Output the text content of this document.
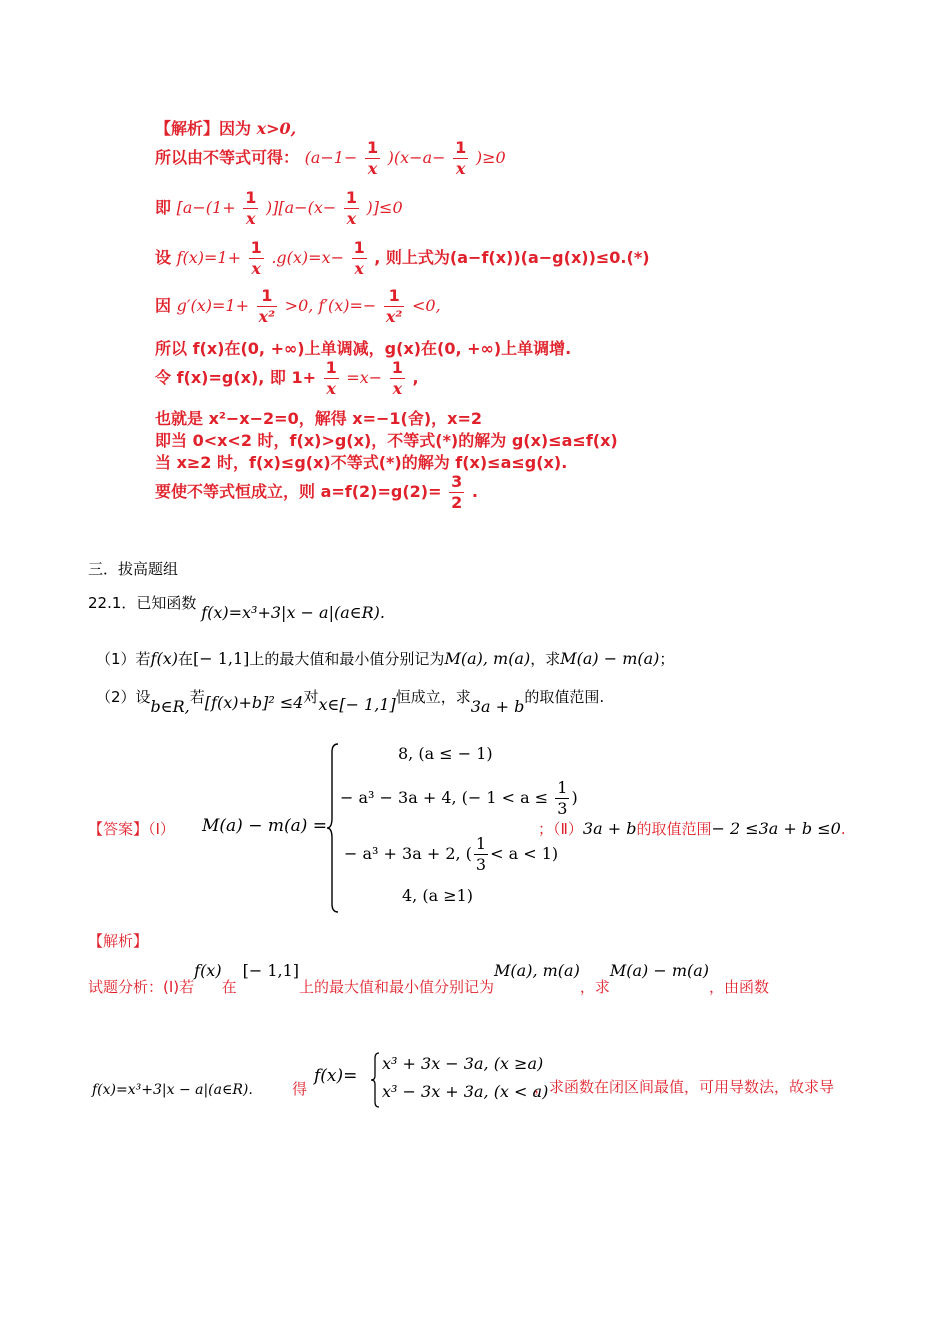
【解析】因为 x>0,
所以由不等式可得： $(a-1- \frac{1}{x} )(x-a- \frac{1}{x} )\ge 0$
即 $[a-(1+ \frac{1}{x} )][a-(x- \frac{1}{x} )]\le 0$
设 $f(x)=1+ \frac{1}{x} .g(x)=x- \frac{1}{x}$ , 则上式为(a−f(x))(a−g(x))≤0.(*)
因 $g'(x)=1+ \frac{1}{\text{x²}} >0$, $f'(x)=- \frac{1}{\text{x²}} <0$,
所以 f(x)在(0, +∞)上单调减，g(x)在(0, +∞)上单调增.
令 f(x)=g(x), 即 $1+ \frac{1}{x} =x- \frac{1}{x}$ ,
也就是 x²−x−2=0，解得 x=−1(舍)，x=2
即当 0<x<2 时，f(x)>g(x)，不等式(*)的解为 g(x)≤a≤f(x)
当 x≥2 时，f(x)≤g(x)不等式(*)的解为 f(x)≤a≤g(x).
要使不等式恒成立，则 $a=f(2)=g(2)= \frac{3}{2}$ .
三．拔高题组
22.1．已知函数 f(x)=x³+3|x − a|(a∈R).
（1）若f(x)在[− 1,1]上的最大值和最小值分别记为M(a), m(a)，求M(a) − m(a)；
（2）设b∈R,若[f(x)+b]² ≤4对x∈[− 1,1]恒成立，求3a + b的取值范围.
【答案】（Ⅰ） M(a) − m(a) =
8, (a ≤ − 1)
− a³ − 3a + 4, (− $1 < a \le \frac{1}{3}$ )
− a³ + 3a + 2, ( $\frac{1}{3} < a < 1$)
4, (a ≥1)
；（Ⅱ）3a + b的取值范围− 2 ≤3a + b ≤0.
【解析】
试题分析：(Ⅰ)若f(x)在[− 1,1]上的最大值和最小值分别记为M(a), m(a)，求M(a) − m(a)，由函数
f(x)=x³+3|x − a|(a∈R).	得
f(x)=
x³ + 3x − 3a, (x ≥a)
x³ − 3x + 3a, (x < a)
，求函数在闭区间最值，可用导数法，故求导
